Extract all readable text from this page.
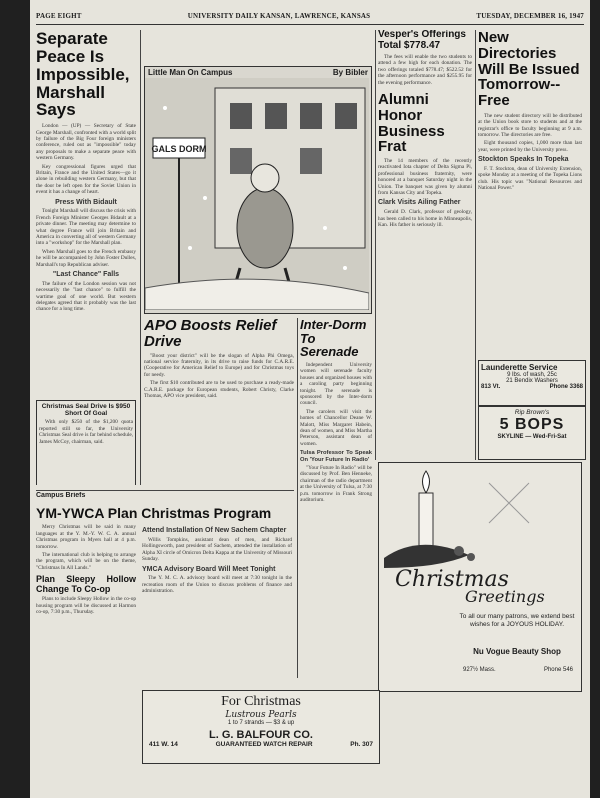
PAGE EIGHT	UNIVERSITY DAILY KANSAN, LAWRENCE, KANSAS	TUESDAY, DECEMBER 16, 1947
Separate Peace Is Impossible, Marshall Says

London — (UP) — Secretary of State George Marshall, confronted with a world split by failure of the Big Four foreign ministers conference, ruled out as "impossible" today any proposals to make a separate peace with western Germany.

Key congressional figures urged that Britain, France and the United States—go it alone in rebuilding western Germany, but that the door be left open for the Soviet Union in event it has a change of heart.

Press With Bidault

Tonight Marshall will discuss the crisis with French Foreign Minister Georges Bidault at a private dinner. The meeting may determine to what degree France will join Britain and America in converting all of western Germany into a "workshop" for the Marshall plan.

When Marshall goes to the French embassy he will be accompanied by John Foster Dulles, Marshall's top Republican adviser.

"Last Chance" Falls

The failure of the London session was not necessarily the "last chance" to fulfill the wartime goal of one world. But western delegates agreed that it probably was the last chance for a long time.

Christmas Seal Drive Is $950 Short Of Goal

With only $250 of the $1,200 quota reported still so far, the University Christmas Seal drive is far behind schedule, James McCoy, chairman, said.

Little Man On Campus	By Bibler
GALS DORM
APO Boosts Relief Drive

"Boost your district" will be the slogan of Alpha Phi Omega, national service fraternity, in its drive to raise funds for C.A.R.E. (Cooperative for American Relief to Europe) and for Christmas toys for needy.

The first $10 contributed are to be used to purchase a ready-made C.A.R.E. package for European students, Robert Christy, Clarke Thomas, APO vice president, said.

Inter-Dorm To Serenade

Independent University women will serenade faculty houses and organized houses with a caroling party beginning tonight. The serenade is sponsored by the Inter-dorm council.

The carolers will visit the homes of Chancellor Deane W. Malott, Miss Margaret Habein, dean of women, and Miss Martha Peterson, assistant dean of women.

Tulsa Professor To Speak On 'Your Future In Radio'

"Your Future In Radio" will be discussed by Prof. Ben Henneke, chairman of the radio department at the University of Tulsa, at 7:30 p.m. tomorrow in Frank Strong auditorium.

Vesper's Offerings Total $778.47

The fees will enable the two students to attend a few high for each donation. The two offerings totaled $778.47; $522.52 for the afternoon performance and $255.95 for the evening performance.

Alumni Honor Business Frat

The 14 members of the recently reactivated Iota chapter of Delta Sigma Pi, professional business fraternity, were honored at a banquet Saturday night in the Union. The banquet was given by alumni from Kansas City and Topeka.

Clark Visits Ailing Father

Gerald D. Clark, professor of geology, has been called to his home in Minneapolis, Kan. His father is seriously ill.

New Directories Will Be Issued Tomorrow--Free

The new student directory will be distributed at the Union book store to students and at the registrar's office to faculty beginning at 9 a.m. tomorrow. The directories are free.

Eight thousand copies, 1,000 more than last year, were printed by the University press.

Stockton Speaks In Topeka

F. T. Stockton, dean of University Extension, spoke Monday at a meeting of the Topeka Lions club. His topic was "National Resources and National Power."

Launderette Service
9 lbs. of wash, 25c
21 Bendix Washers
813 Vt.	Phone 3368
Rip Brown's
5 BOPS
SKYLINE — Wed-Fri-Sat
Christmas
Greetings
To all our many patrons, we extend best wishes for a JOYOUS HOLIDAY.
Nu Vogue Beauty Shop
927½ Mass.	Phone 546
Campus Briefs
YM-YWCA Plan Christmas Program

Merry Christmas will be said in many languages at the Y. M.-Y. W. C. A. annual Christmas program in Myers hall at 4 p.m. tomorrow.

The international club is helping to arrange the program, which will be on the theme, "Christmas In All Lands."

Plan Sleepy Hollow Change To Co-op

Plans to include Sleepy Hollow in the co-op housing program will be discussed at Harmon co-op, 7:30 p.m., Thursday.

Attend Installation Of New Sachem Chapter

Willis Tompkins, assistant dean of men, and Richard Hollingsworth, past president of Sachem, attended the installation of Alpha XI circle of Omicron Delta Kappa at the University of Missouri Sunday.

YMCA Advisory Board Will Meet Tonight

The Y. M. C. A. advisory board will meet at 7:30 tonight in the recreation room of the Union to discuss problems of finance and administration.

For Christmas
Lustrous Pearls
1 to 7 strands — $3 & up
L. G. BALFOUR CO.
411 W. 14	GUARANTEED WATCH REPAIR	Ph. 307
